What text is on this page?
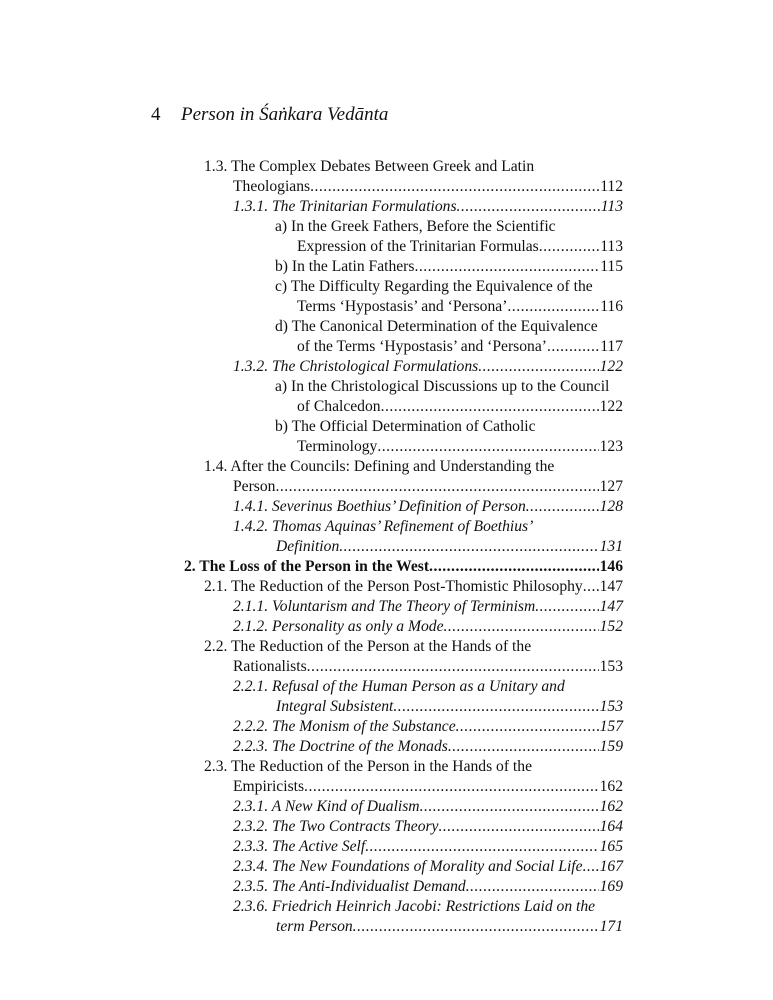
4 Person in Śaṅkara Vedānta
1.3. The Complex Debates Between Greek and Latin
Theologians .....	112
1.3.1. The Trinitarian Formulations .....	113
a) In the Greek Fathers, Before the Scientific
Expression of the Trinitarian Formulas .....	113
b) In the Latin Fathers .....	115
c) The Difficulty Regarding the Equivalence of the
Terms ‘Hypostasis’ and ‘Persona’ .....	116
d) The Canonical Determination of the Equivalence
of the Terms ‘Hypostasis’ and ‘Persona’ .....	117
1.3.2. The Christological Formulations .....	122
a) In the Christological Discussions up to the Council
of Chalcedon .....	122
b) The Official Determination of Catholic
Terminology .....	123
1.4. After the Councils: Defining and Understanding the
Person .....	127
1.4.1. Severinus Boethius’ Definition of Person .....	128
1.4.2. Thomas Aquinas’ Refinement of Boethius’
Definition .....	131
2. The Loss of the Person in the West .....	146
2.1. The Reduction of the Person Post-Thomistic Philosophy ..... 147
2.1.1. Voluntarism and The Theory of Terminism .....	147
2.1.2. Personality as only a Mode .....	152
2.2. The Reduction of the Person at the Hands of the
Rationalists .....	153
2.2.1. Refusal of the Human Person as a Unitary and
Integral Subsistent .....	153
2.2.2. The Monism of the Substance .....	157
2.2.3. The Doctrine of the Monads .....	159
2.3. The Reduction of the Person in the Hands of the
Empiricists .....	162
2.3.1. A New Kind of Dualism .....	162
2.3.2. The Two Contracts Theory .....	164
2.3.3. The Active Self .....	165
2.3.4. The New Foundations of Morality and Social Life ..... 167
2.3.5. The Anti-Individualist Demand .....	169
2.3.6. Friedrich Heinrich Jacobi: Restrictions Laid on the
term Person .....	171
